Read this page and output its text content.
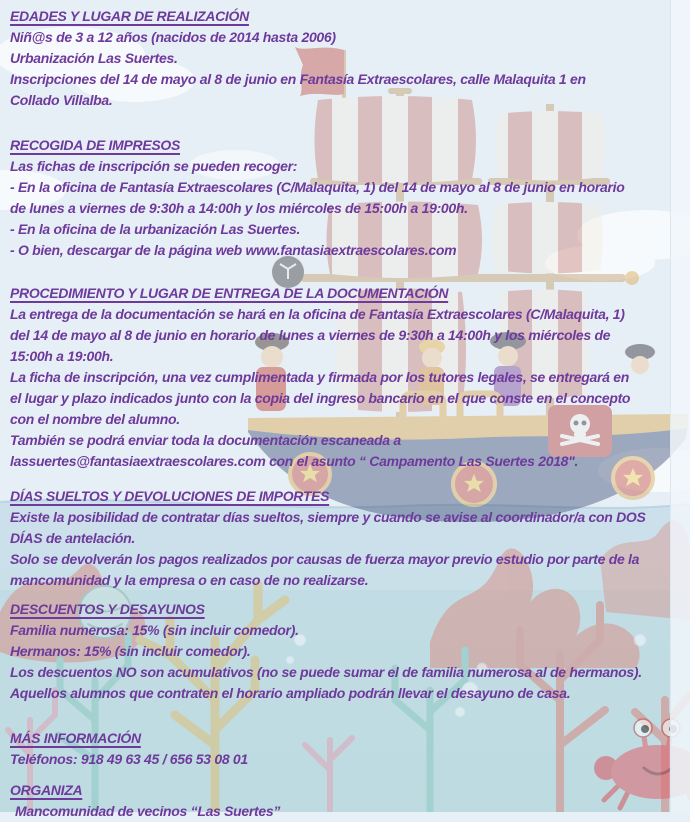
EDADES Y LUGAR DE REALIZACIÓN
Niñ@s de 3 a 12 años (nacidos de 2014 hasta 2006)
Urbanización Las Suertes.
Inscripciones del 14 de mayo al 8 de junio en Fantasía Extraescolares, calle Malaquita 1 en
Collado Villalba.
RECOGIDA DE IMPRESOS
Las fichas de inscripción se pueden recoger:
- En la oficina de Fantasía Extraescolares (C/Malaquita, 1) del 14 de mayo al 8 de junio en horario
de lunes a viernes de 9:30h a 14:00h y los miércoles de 15:00h a 19:00h.
- En la oficina de la urbanización Las Suertes.
- O bien, descargar de la página web www.fantasiaextraescolares.com
PROCEDIMIENTO Y LUGAR DE ENTREGA DE LA DOCUMENTACIÓN
La entrega de la documentación se hará en la oficina de Fantasía Extraescolares (C/Malaquita, 1)
del 14 de mayo al 8 de junio en horario de lunes a viernes de 9:30h a 14:00h y los miércoles de
15:00h a 19:00h.
La ficha de inscripción, una vez cumplimentada y firmada por los tutores legales, se entregará en
el lugar y plazo indicados junto con la copia del ingreso bancario en el que conste en el concepto
con el nombre del alumno.
También se podrá enviar toda la documentación escaneada a
lassuertes@fantasiaextraescolares.com con el asunto “ Campamento Las Suertes 2018".
DÍAS SUELTOS Y DEVOLUCIONES DE IMPORTES
Existe la posibilidad de contratar días sueltos, siempre y cuando se avise al coordinador/a con DOS
DÍAS de antelación.
Solo se devolverán los pagos realizados por causas de fuerza mayor previo estudio por parte de la
mancomunidad y la empresa o en caso de no realizarse.
DESCUENTOS Y DESAYUNOS
Familia numerosa: 15% (sin incluir comedor).
Hermanos: 15% (sin incluir comedor).
Los descuentos NO son acumulativos (no se puede sumar el de familia numerosa al de hermanos).
Aquellos alumnos que contraten el horario ampliado podrán llevar el desayuno de casa.
MÁS INFORMACIÓN
Teléfonos: 918 49 63 45 / 656 53 08 01
ORGANIZA
Mancomunidad de vecinos “Las Suertes”
